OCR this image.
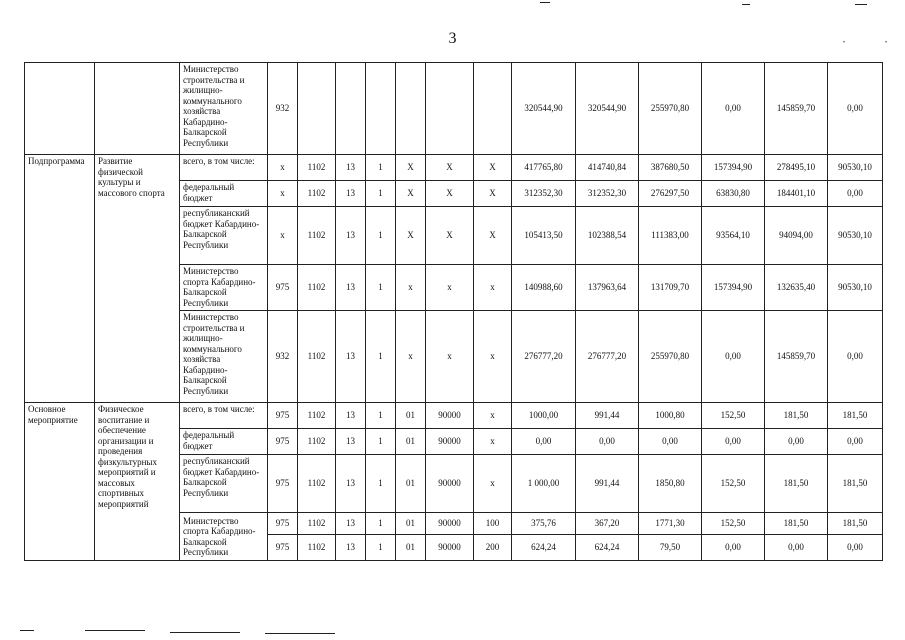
3	•	•
		Министерство строительства и жилищно-коммунального хозяйства Кабардино-Балкарской Республики	932							320544,90	320544,90	255970,80	0,00	145859,70	0,00
Подпрограмма	Развитие физической культуры и массового спорта	всего, в том числе:	х	1102	13	1	Х	Х	Х	417765,80	414740,84	387680,50	157394,90	278495,10	90530,10
		федеральный бюджет	х	1102	13	1	Х	Х	Х	312352,30	312352,30	276297,50	63830,80	184401,10	0,00
		республиканский бюджет Кабардино-Балкарской Республики	х	1102	13	1	Х	Х	Х	105413,50	102388,54	111383,00	93564,10	94094,00	90530,10
		Министерство спорта Кабардино-Балкарской Республики	975	1102	13	1	х	х	х	140988,60	137963,64	131709,70	157394,90	132635,40	90530,10
		Министерство строительства и жилищно-коммунального хозяйства Кабардино-Балкарской Республики	932	1102	13	1	х	х	х	276777,20	276777,20	255970,80	0,00	145859,70	0,00
Основное мероприятие	Физическое воспитание и обеспечение организации и проведения физкультурных мероприятий и массовых спортивных мероприятий	всего, в том числе:	975	1102	13	1	01	90000	х	1000,00	991,44	1000,80	152,50	181,50	181,50
		федеральный бюджет	975	1102	13	1	01	90000	х	0,00	0,00	0,00	0,00	0,00	0,00
		республиканский бюджет Кабардино-Балкарской Республики	975	1102	13	1	01	90000	х	1 000,00	991,44	1850,80	152,50	181,50	181,50
		Министерство спорта Кабардино-Балкарской Республики	975	1102	13	1	01	90000	100	375,76	367,20	1771,30	152,50	181,50	181,50
			975	1102	13	1	01	90000	200	624,24	624,24	79,50	0,00	0,00	0,00
